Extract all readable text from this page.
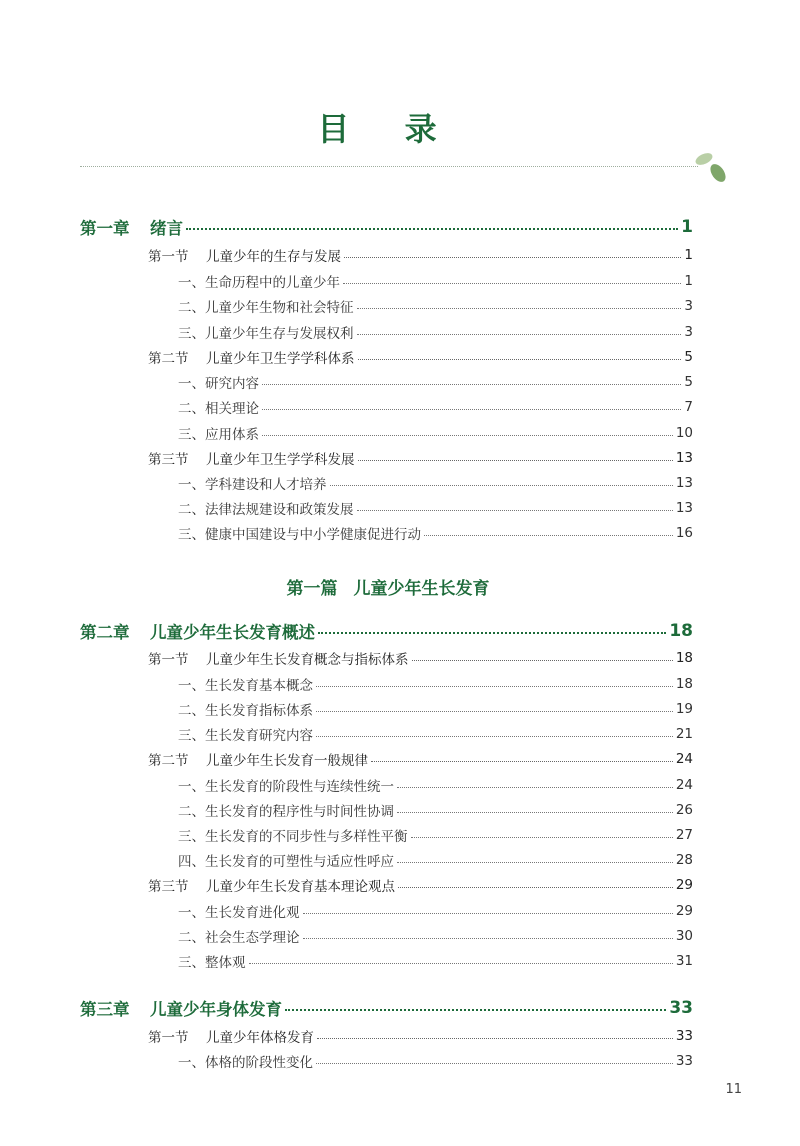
目 录
第一章	绪言	1
第一节	儿童少年的生存与发展	1
一、生命历程中的儿童少年	1
二、儿童少年生物和社会特征	3
三、儿童少年生存与发展权利	3
第二节	儿童少年卫生学学科体系	5
一、研究内容	5
二、相关理论	7
三、应用体系	10
第三节	儿童少年卫生学学科发展	13
一、学科建设和人才培养	13
二、法律法规建设和政策发展	13
三、健康中国建设与中小学健康促进行动	16
第一篇 儿童少年生长发育
第二章	儿童少年生长发育概述	18
第一节	儿童少年生长发育概念与指标体系	18
一、生长发育基本概念	18
二、生长发育指标体系	19
三、生长发育研究内容	21
第二节	儿童少年生长发育一般规律	24
一、生长发育的阶段性与连续性统一	24
二、生长发育的程序性与时间性协调	26
三、生长发育的不同步性与多样性平衡	27
四、生长发育的可塑性与适应性呼应	28
第三节	儿童少年生长发育基本理论观点	29
一、生长发育进化观	29
二、社会生态学理论	30
三、整体观	31
第三章	儿童少年身体发育	33
第一节	儿童少年体格发育	33
一、体格的阶段性变化	33
11
